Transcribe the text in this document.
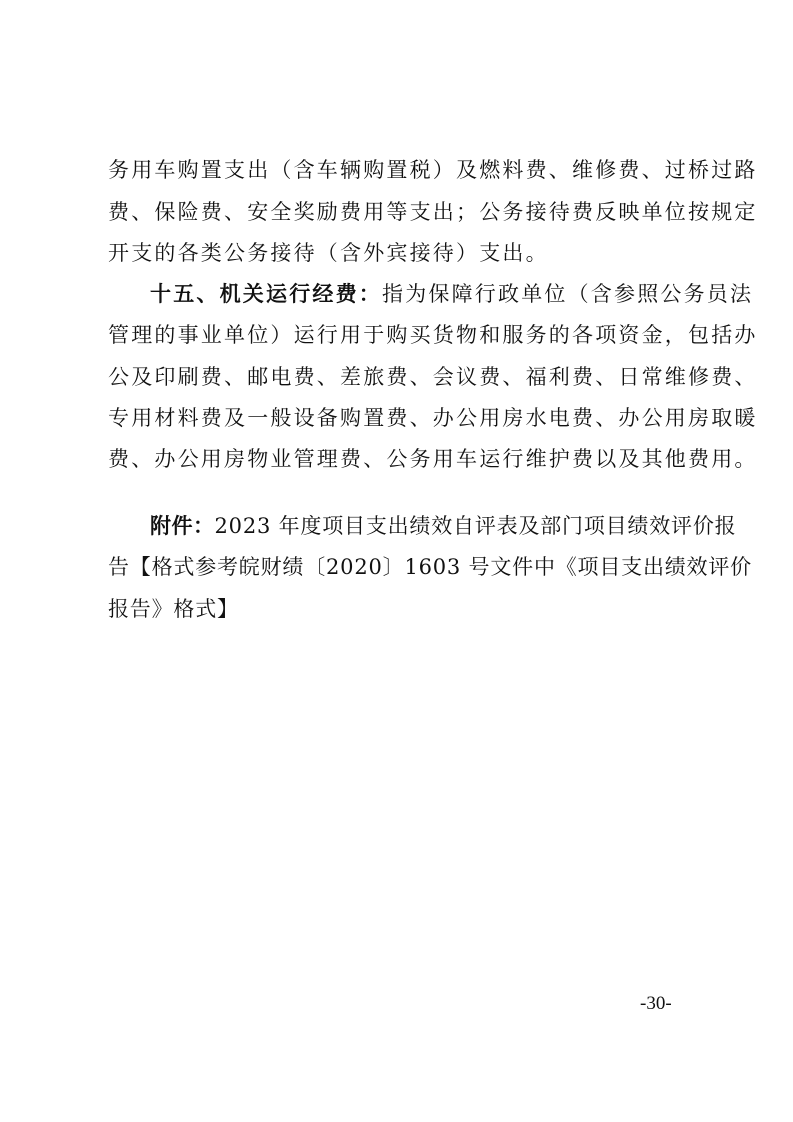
务用车购置支出（含车辆购置税）及燃料费、维修费、过桥过路
费、保险费、安全奖励费用等支出；公务接待费反映单位按规定
开支的各类公务接待（含外宾接待）支出。
十五、机关运行经费：指为保障行政单位（含参照公务员法
管理的事业单位）运行用于购买货物和服务的各项资金，包括办
公及印刷费、邮电费、差旅费、会议费、福利费、日常维修费、
专用材料费及一般设备购置费、办公用房水电费、办公用房取暖
费、办公用房物业管理费、公务用车运行维护费以及其他费用。
附件：2023 年度项目支出绩效自评表及部门项目绩效评价报
告【格式参考皖财绩〔2020〕1603 号文件中《项目支出绩效评价
报告》格式】
-30-
